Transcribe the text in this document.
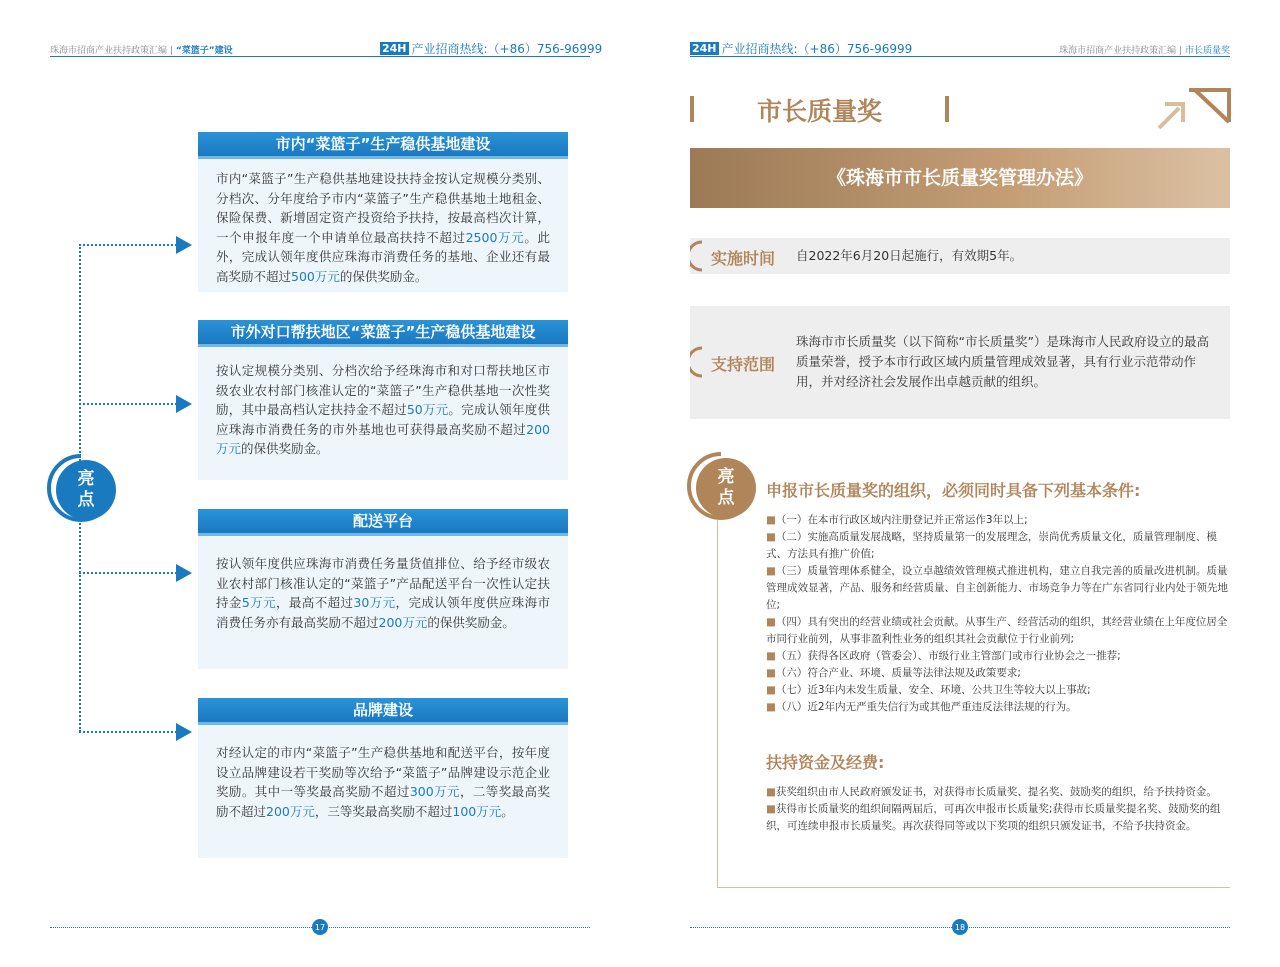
珠海市招商产业扶持政策汇编 | “菜篮子”建设	24H 产业招商热线:（+86）756-96999
亮
点
市内“菜篮子”生产稳供基地建设
市内“菜篮子”生产稳供基地建设扶持金按认定规模分类别、分档次、分年度给予市内“菜篮子”生产稳供基地土地租金、保险保费、新增固定资产投资给予扶持，按最高档次计算，一个申报年度一个申请单位最高扶持不超过2500万元。此外，完成认领年度供应珠海市消费任务的基地、企业还有最高奖励不超过500万元的保供奖励金。
市外对口帮扶地区“菜篮子”生产稳供基地建设
按认定规模分类别、分档次给予经珠海市和对口帮扶地区市级农业农村部门核准认定的“菜篮子”生产稳供基地一次性奖励，其中最高档认定扶持金不超过50万元。完成认领年度供应珠海市消费任务的市外基地也可获得最高奖励不超过200万元的保供奖励金。
配送平台
按认领年度供应珠海市消费任务量货值排位、给予经市级农业农村部门核准认定的“菜篮子”产品配送平台一次性认定扶持金5万元，最高不超过30万元，完成认领年度供应珠海市消费任务亦有最高奖励不超过200万元的保供奖励金。
品牌建设
对经认定的市内“菜篮子”生产稳供基地和配送平台，按年度设立品牌建设若干奖励等次给予“菜篮子”品牌建设示范企业奖励。其中一等奖最高奖励不超过300万元，二等奖最高奖励不超过200万元，三等奖最高奖励不超过100万元。
17
24H 产业招商热线:（+86）756-96999	珠海市招商产业扶持政策汇编 | 市长质量奖
市长质量奖
《珠海市市长质量奖管理办法》
实施时间 自2022年6月20日起施行，有效期5年。
支持范围
珠海市市长质量奖（以下简称“市长质量奖”）是珠海市人民政府设立的最高质量荣誉，授予本市行政区域内质量管理成效显著，具有行业示范带动作用，并对经济社会发展作出卓越贡献的组织。
亮
点 申报市长质量奖的组织，必须同时具备下列基本条件:

■（一）在本市行政区域内注册登记并正常运作3年以上;

■（二）实施高质量发展战略，坚持质量第一的发展理念，崇尚优秀质量文化，质量管理制度、模式、方法具有推广价值;

■（三）质量管理体系健全，设立卓越绩效管理模式推进机构，建立自我完善的质量改进机制。质量管理成效显著，产品、服务和经营质量、自主创新能力、市场竞争力等在广东省同行业内处于领先地位;

■（四）具有突出的经营业绩或社会贡献。从事生产、经营活动的组织，其经营业绩在上年度位居全市同行业前列，从事非盈利性业务的组织其社会贡献位于行业前列;

■（五）获得各区政府（管委会）、市级行业主管部门或市行业协会之一推荐;

■（六）符合产业、环境、质量等法律法规及政策要求;

■（七）近3年内未发生质量、安全、环境、公共卫生等较大以上事故;

■（八）近2年内无严重失信行为或其他严重违反法律法规的行为。

扶持资金及经费:

■获奖组织由市人民政府颁发证书，对获得市长质量奖、提名奖、鼓励奖的组织，给予扶持资金。

■获得市长质量奖的组织间隔两届后，可再次申报市长质量奖;获得市长质量奖提名奖、鼓励奖的组织，可连续申报市长质量奖。再次获得同等或以下奖项的组织只颁发证书，不给予扶持资金。

18
